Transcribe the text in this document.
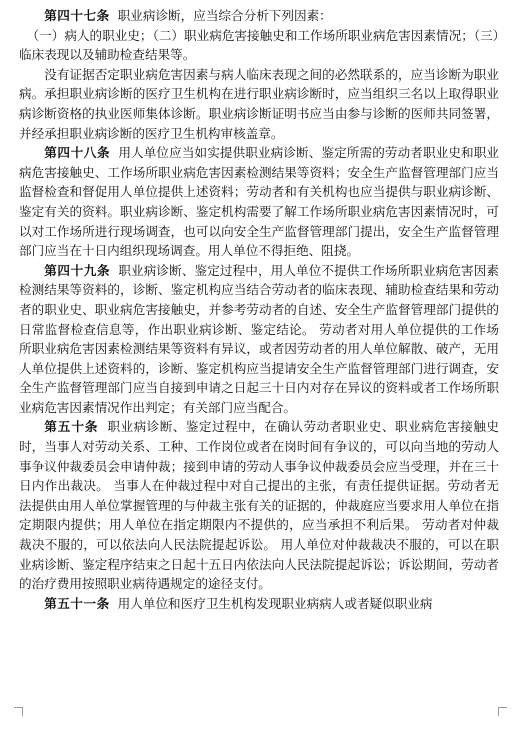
第四十七条 职业病诊断，应当综合分析下列因素：

（一）病人的职业史；（二）职业病危害接触史和工作场所职业病危害因素情况；（三）临床表现以及辅助检查结果等。

没有证据否定职业病危害因素与病人临床表现之间的必然联系的，应当诊断为职业病。承担职业病诊断的医疗卫生机构在进行职业病诊断时，应当组织三名以上取得职业病诊断资格的执业医师集体诊断。职业病诊断证明书应当由参与诊断的医师共同签署，并经承担职业病诊断的医疗卫生机构审核盖章。

第四十八条 用人单位应当如实提供职业病诊断、鉴定所需的劳动者职业史和职业病危害接触史、工作场所职业病危害因素检测结果等资料；安全生产监督管理部门应当监督检查和督促用人单位提供上述资料；劳动者和有关机构也应当提供与职业病诊断、鉴定有关的资料。职业病诊断、鉴定机构需要了解工作场所职业病危害因素情况时，可以对工作场所进行现场调查，也可以向安全生产监督管理部门提出，安全生产监督管理部门应当在十日内组织现场调查。用人单位不得拒绝、阻挠。

第四十九条 职业病诊断、鉴定过程中，用人单位不提供工作场所职业病危害因素检测结果等资料的，诊断、鉴定机构应当结合劳动者的临床表现、辅助检查结果和劳动者的职业史、职业病危害接触史，并参考劳动者的自述、安全生产监督管理部门提供的日常监督检查信息等，作出职业病诊断、鉴定结论。 劳动者对用人单位提供的工作场所职业病危害因素检测结果等资料有异议，或者因劳动者的用人单位解散、破产，无用人单位提供上述资料的，诊断、鉴定机构应当提请安全生产监督管理部门进行调查，安全生产监督管理部门应当自接到申请之日起三十日内对存在异议的资料或者工作场所职业病危害因素情况作出判定；有关部门应当配合。

第五十条 职业病诊断、鉴定过程中，在确认劳动者职业史、职业病危害接触史时，当事人对劳动关系、工种、工作岗位或者在岗时间有争议的，可以向当地的劳动人事争议仲裁委员会申请仲裁；接到申请的劳动人事争议仲裁委员会应当受理，并在三十日内作出裁决。 当事人在仲裁过程中对自己提出的主张，有责任提供证据。劳动者无法提供由用人单位掌握管理的与仲裁主张有关的证据的，仲裁庭应当要求用人单位在指定期限内提供；用人单位在指定期限内不提供的，应当承担不利后果。 劳动者对仲裁裁决不服的，可以依法向人民法院提起诉讼。 用人单位对仲裁裁决不服的，可以在职业病诊断、鉴定程序结束之日起十五日内依法向人民法院提起诉讼；诉讼期间，劳动者的治疗费用按照职业病待遇规定的途径支付。

第五十一条 用人单位和医疗卫生机构发现职业病病人或者疑似职业病
